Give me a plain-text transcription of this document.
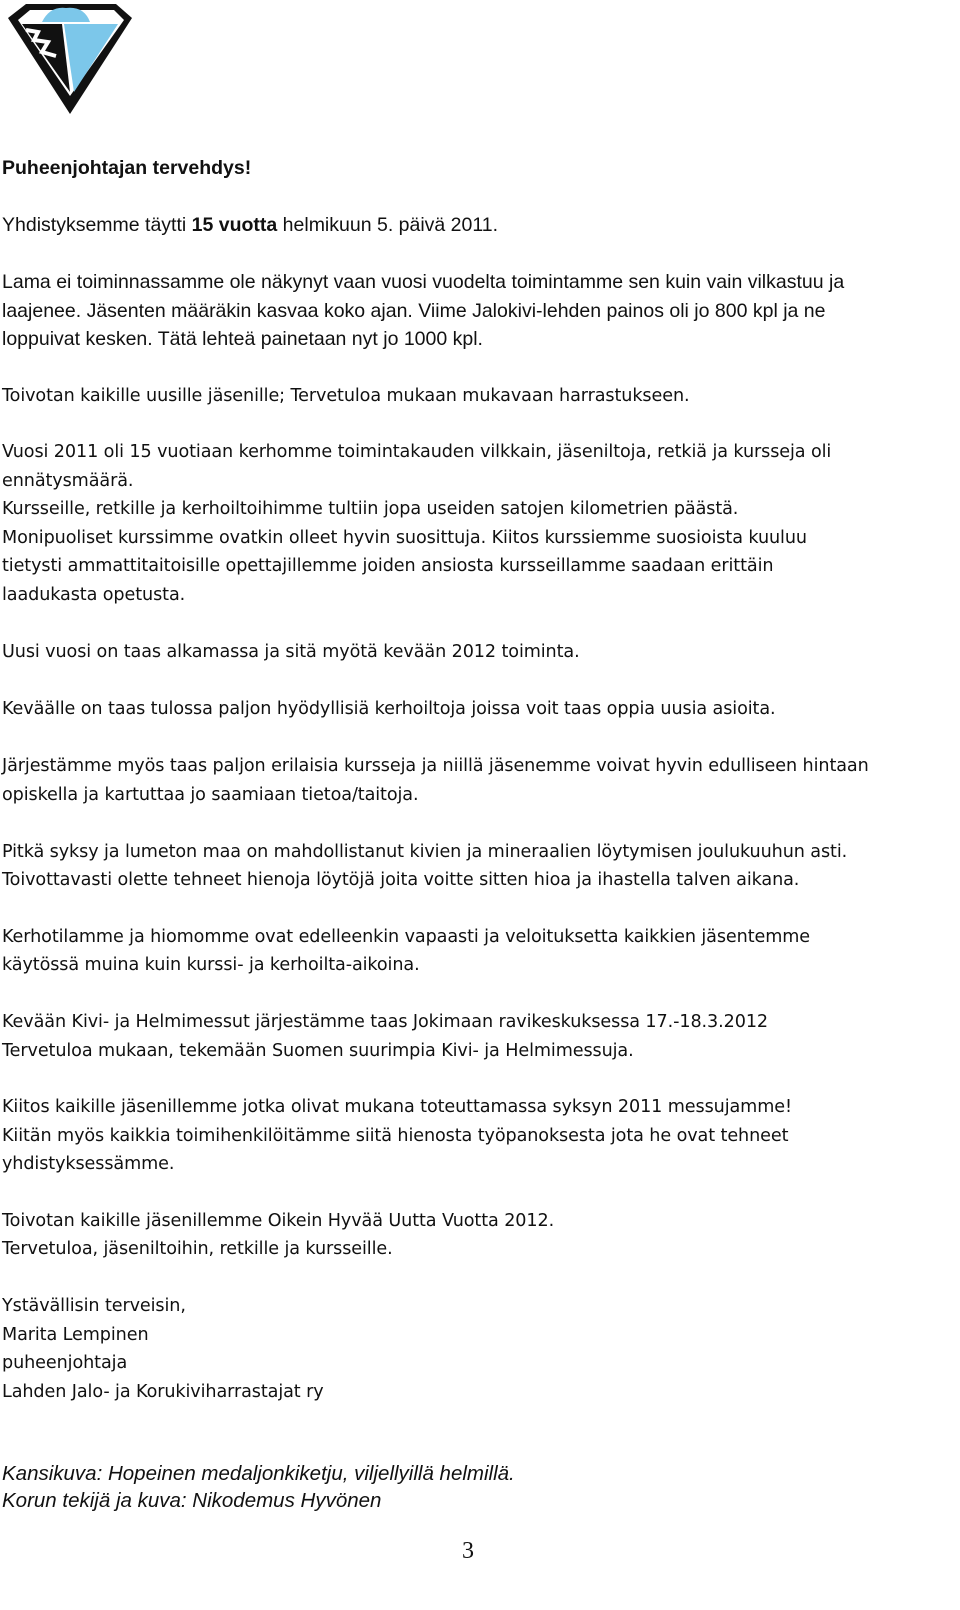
Puheenjohtajan tervehdys!

Yhdistyksemme täytti 15 vuotta helmikuun 5. päivä 2011.

Lama ei toiminnassamme ole näkynyt vaan vuosi vuodelta toimintamme sen kuin vain vilkastuu ja

laajenee. Jäsenten määräkin kasvaa koko ajan. Viime Jalokivi-lehden painos oli jo 800 kpl ja ne

loppuivat kesken. Tätä lehteä painetaan nyt jo 1000 kpl.

Toivotan kaikille uusille jäsenille; Tervetuloa mukaan mukavaan harrastukseen.

Vuosi 2011 oli 15 vuotiaan kerhomme toimintakauden vilkkain, jäseniltoja, retkiä ja kursseja oli

ennätysmäärä.

Kursseille, retkille ja kerhoiltoihimme tultiin jopa useiden satojen kilometrien päästä.

Monipuoliset kurssimme ovatkin olleet hyvin suosittuja. Kiitos kurssiemme suosioista kuuluu

tietysti ammattitaitoisille opettajillemme joiden ansiosta kursseillamme saadaan erittäin

laadukasta opetusta.

Uusi vuosi on taas alkamassa ja sitä myötä kevään 2012 toiminta.

Keväälle on taas tulossa paljon hyödyllisiä kerhoiltoja joissa voit taas oppia uusia asioita.

Järjestämme myös taas paljon erilaisia kursseja ja niillä jäsenemme voivat hyvin edulliseen hintaan

opiskella ja kartuttaa jo saamiaan tietoa/taitoja.

Pitkä syksy ja lumeton maa on mahdollistanut kivien ja mineraalien löytymisen joulukuuhun asti.

Toivottavasti olette tehneet hienoja löytöjä joita voitte sitten hioa ja ihastella talven aikana.

Kerhotilamme ja hiomomme ovat edelleenkin vapaasti ja veloituksetta kaikkien jäsentemme

käytössä muina kuin kurssi- ja kerhoilta-aikoina.

Kevään Kivi- ja Helmimessut järjestämme taas Jokimaan ravikeskuksessa 17.-18.3.2012

Tervetuloa mukaan, tekemään Suomen suurimpia Kivi- ja Helmimessuja.

Kiitos kaikille jäsenillemme jotka olivat mukana toteuttamassa syksyn 2011 messujamme!

Kiitän myös kaikkia toimihenkilöitämme siitä hienosta työpanoksesta jota he ovat tehneet

yhdistyksessämme.

Toivotan kaikille jäsenillemme Oikein Hyvää Uutta Vuotta 2012.

Tervetuloa, jäseniltoihin, retkille ja kursseille.

Ystävällisin terveisin,

Marita Lempinen

puheenjohtaja

Lahden Jalo- ja Korukiviharrastajat ry

Kansikuva: Hopeinen medaljonkiketju, viljellyillä helmillä.

Korun tekijä ja kuva: Nikodemus Hyvönen

3
